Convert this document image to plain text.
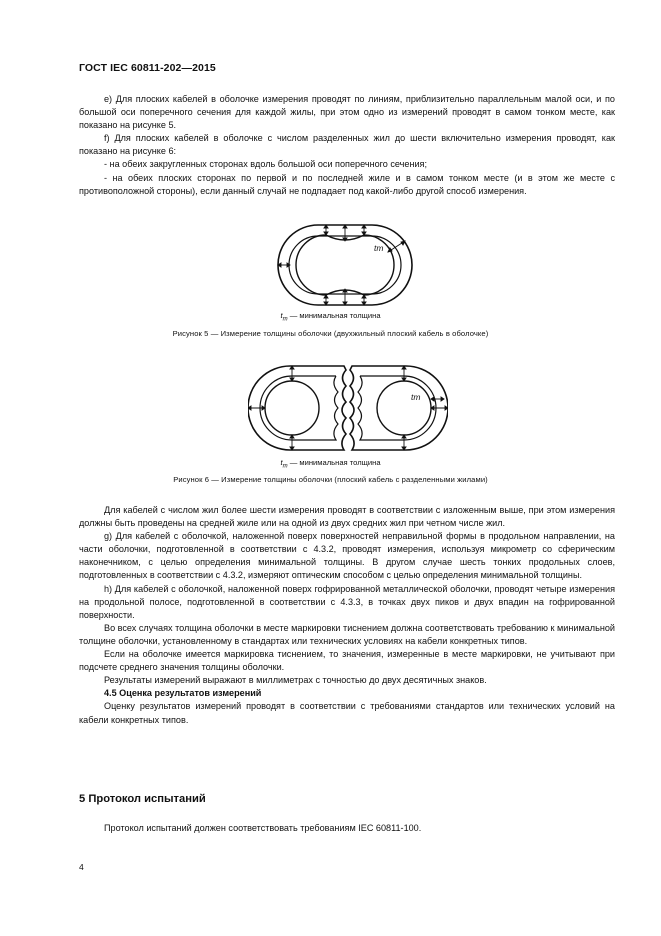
ГОСТ IEC 60811-202—2015

e) Для плоских кабелей в оболочке измерения проводят по линиям, приблизительно параллельным малой оси, и по большой оси поперечного сечения для каждой жилы, при этом одно из измерений проводят в самом тонком месте, как показано на рисунке 5.

f) Для плоских кабелей в оболочке с числом разделенных жил до шести включительно измерения проводят, как показано на рисунке 6:

- на обеих закругленных сторонах вдоль большой оси поперечного сечения;

- на обеих плоских сторонах по первой и по последней жиле и в самом тонком месте (и в этом же месте с противоположной стороны), если данный случай не подпадает под какой-либо другой способ измерения.

tm
$t_m$ — минимальная толщина
Рисунок 5 — Измерение толщины оболочки (двухжильный плоский кабель в оболочке)
tm
$t_m$ — минимальная толщина
Рисунок 6 — Измерение толщины оболочки (плоский кабель с разделенными жилами)

Для кабелей с числом жил более шести измерения проводят в соответствии с изложенным выше, при этом измерения должны быть проведены на средней жиле или на одной из двух средних жил при четном числе жил.

g) Для кабелей с оболочкой, наложенной поверх поверхностей неправильной формы в продольном направлении, на части оболочки, подготовленной в соответствии с 4.3.2, проводят измерения, используя микрометр со сферическим наконечником, с целью определения минимальной толщины. В другом случае шесть тонких продольных слоев, подготовленных в соответствии с 4.3.2, измеряют оптическим способом с целью определения минимальной толщины.

h) Для кабелей с оболочкой, наложенной поверх гофрированной металлической оболочки, проводят четыре измерения на продольной полосе, подготовленной в соответствии с 4.3.3, в точках двух пиков и двух впадин на гофрированной поверхности.

Во всех случаях толщина оболочки в месте маркировки тиснением должна соответствовать требованию к минимальной толщине оболочки, установленному в стандартах или технических условиях на кабели конкретных типов.

Если на оболочке имеется маркировка тиснением, то значения, измеренные в месте маркировки, не учитывают при подсчете среднего значения толщины оболочки.

Результаты измерений выражают в миллиметрах с точностью до двух десятичных знаков.

4.5 Оценка результатов измерений

Оценку результатов измерений проводят в соответствии с требованиями стандартов или технических условий на кабели конкретных типов.

5 Протокол испытаний
Протокол испытаний должен соответствовать требованиям IEC 60811-100.
4
